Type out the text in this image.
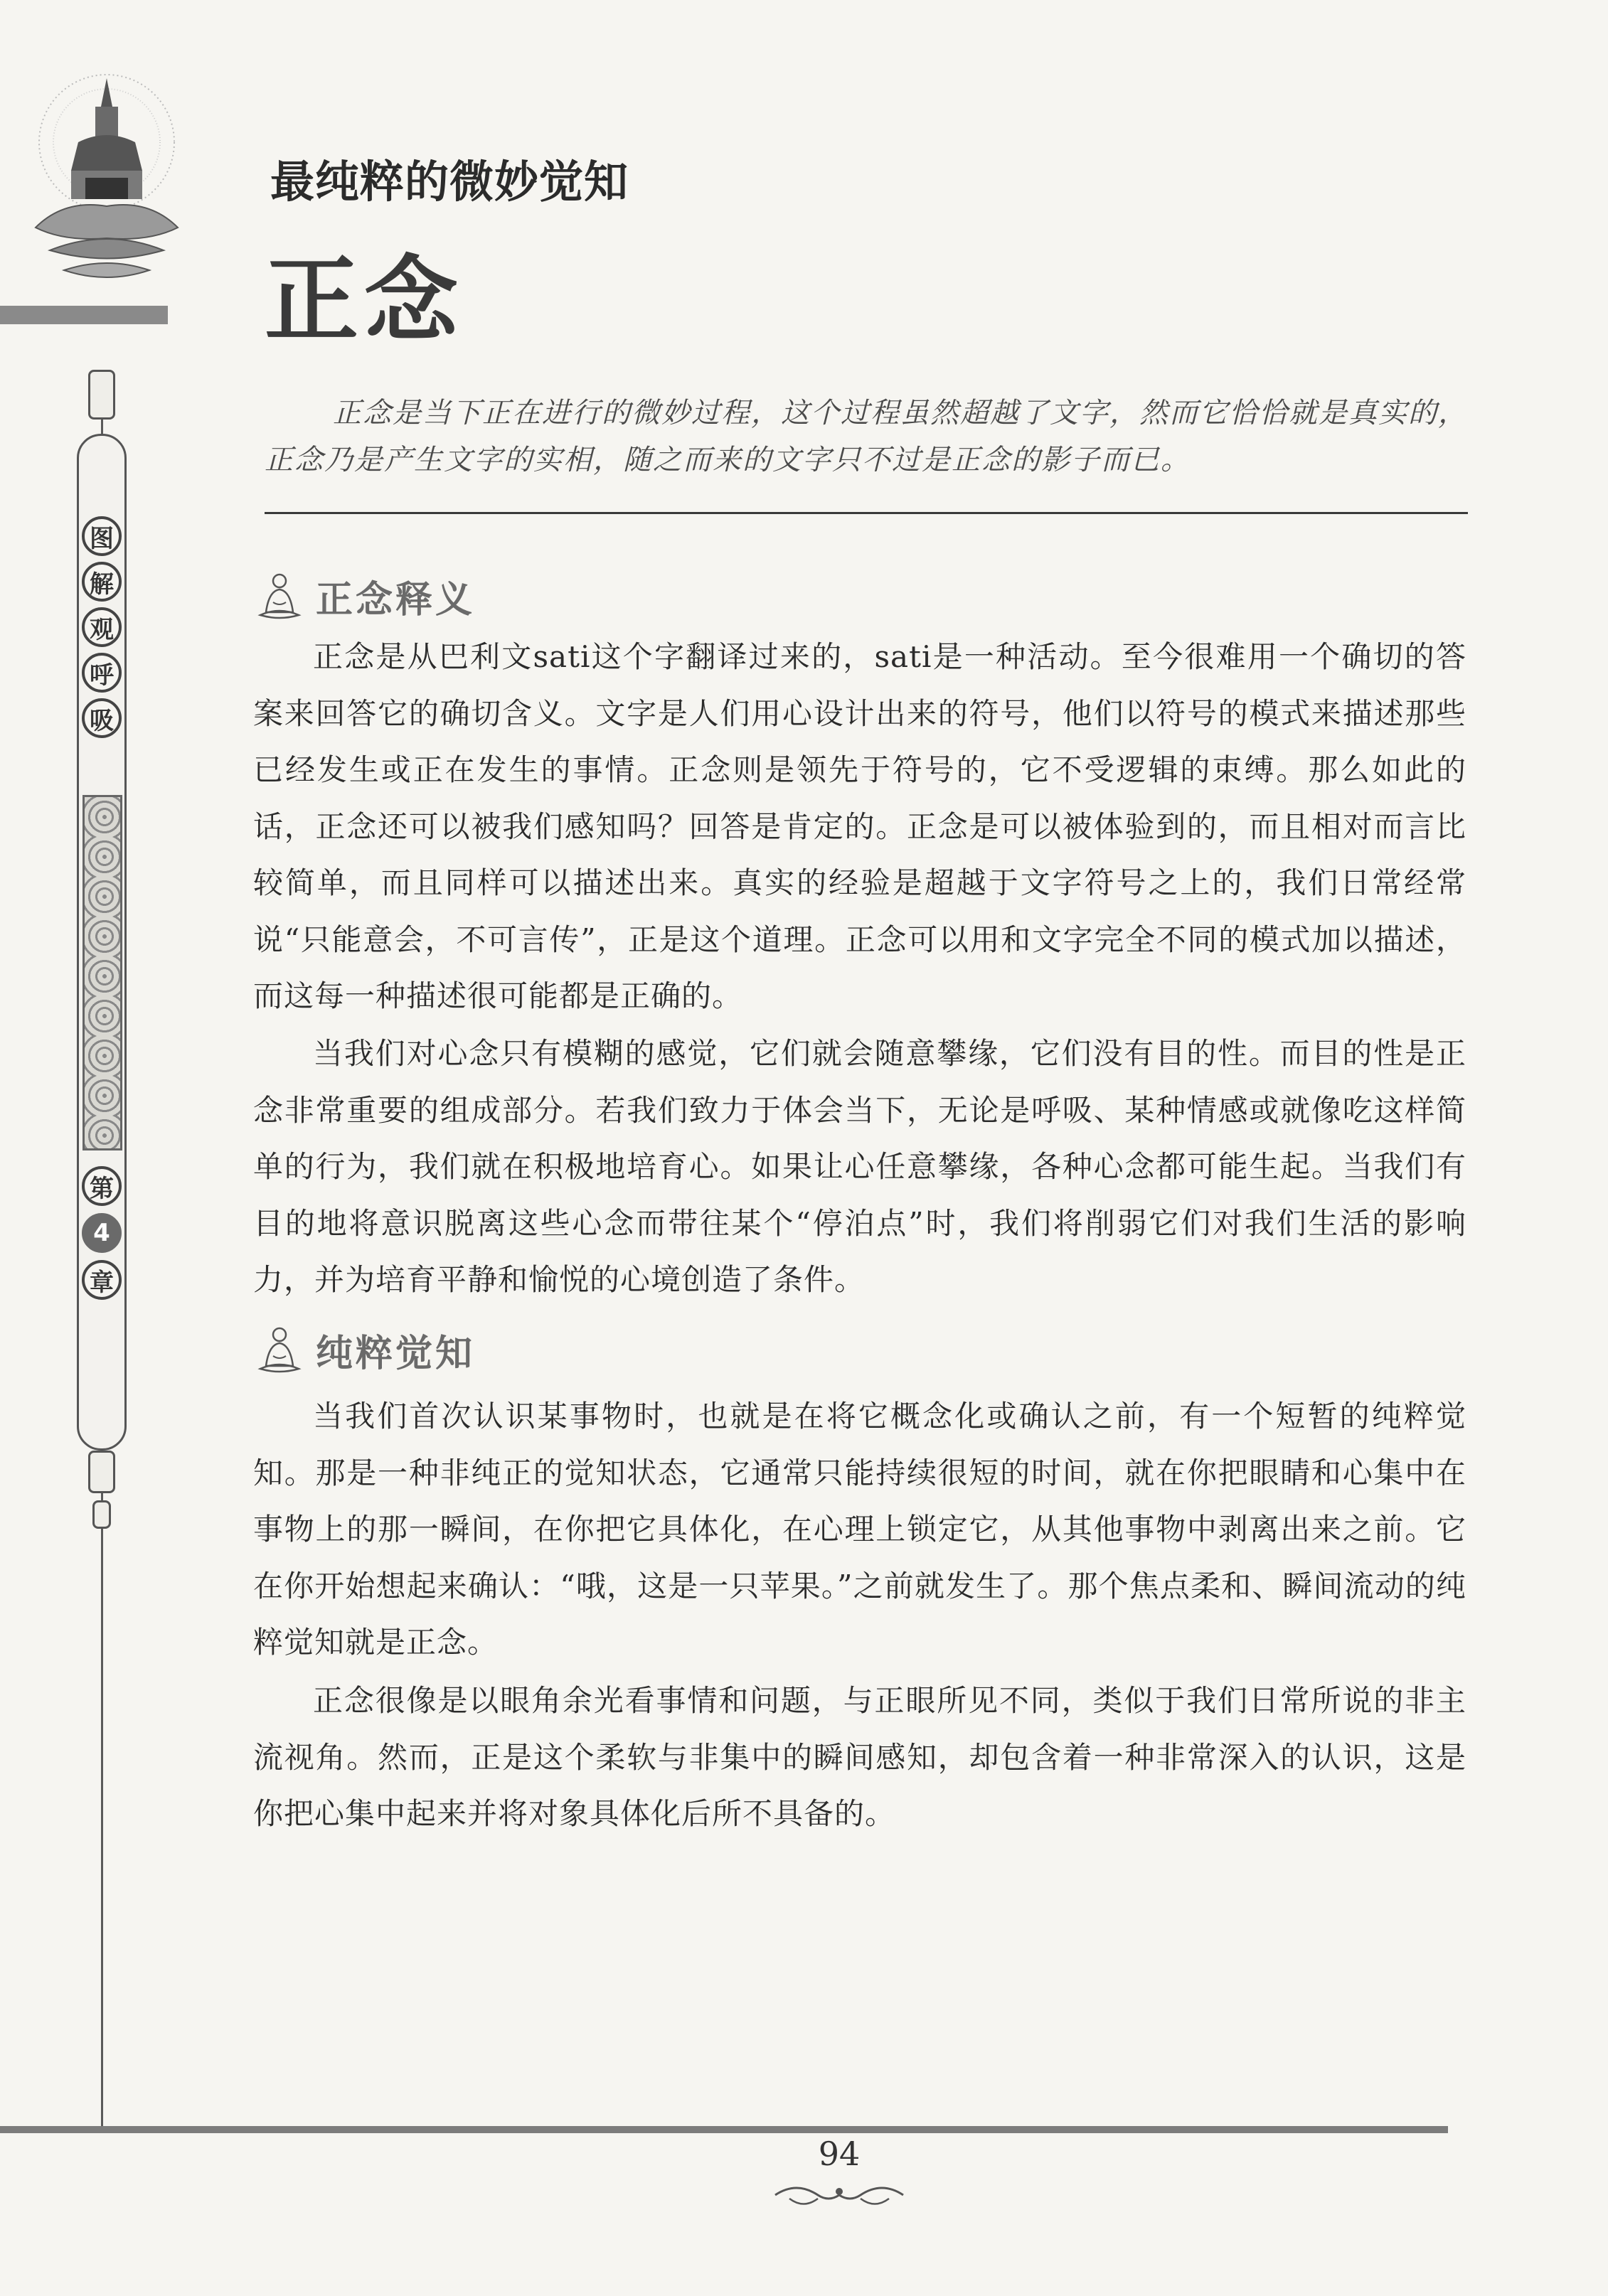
图
解
观
呼
吸
第
4
章
最纯粹的微妙觉知
正念
正念是当下正在进行的微妙过程，这个过程虽然超越了文字，然而它恰恰就是真实的，正念乃是产生文字的实相，随之而来的文字只不过是正念的影子而已。
正念释义
正念是从巴利文sati这个字翻译过来的，sati是一种活动。至今很难用一个确切的答案来回答它的确切含义。文字是人们用心设计出来的符号，他们以符号的模式来描述那些已经发生或正在发生的事情。正念则是领先于符号的，它不受逻辑的束缚。那么如此的话，正念还可以被我们感知吗？回答是肯定的。正念是可以被体验到的，而且相对而言比较简单，而且同样可以描述出来。真实的经验是超越于文字符号之上的，我们日常经常说“只能意会，不可言传”，正是这个道理。正念可以用和文字完全不同的模式加以描述，而这每一种描述很可能都是正确的。
当我们对心念只有模糊的感觉，它们就会随意攀缘，它们没有目的性。而目的性是正念非常重要的组成部分。若我们致力于体会当下，无论是呼吸、某种情感或就像吃这样简单的行为，我们就在积极地培育心。如果让心任意攀缘，各种心念都可能生起。当我们有目的地将意识脱离这些心念而带往某个“停泊点”时，我们将削弱它们对我们生活的影响力，并为培育平静和愉悦的心境创造了条件。
纯粹觉知
当我们首次认识某事物时，也就是在将它概念化或确认之前，有一个短暂的纯粹觉知。那是一种非纯正的觉知状态，它通常只能持续很短的时间，就在你把眼睛和心集中在事物上的那一瞬间，在你把它具体化，在心理上锁定它，从其他事物中剥离出来之前。它在你开始想起来确认：“哦，这是一只苹果。”之前就发生了。那个焦点柔和、瞬间流动的纯粹觉知就是正念。
正念很像是以眼角余光看事情和问题，与正眼所见不同，类似于我们日常所说的非主流视角。然而，正是这个柔软与非集中的瞬间感知，却包含着一种非常深入的认识，这是你把心集中起来并将对象具体化后所不具备的。
94
